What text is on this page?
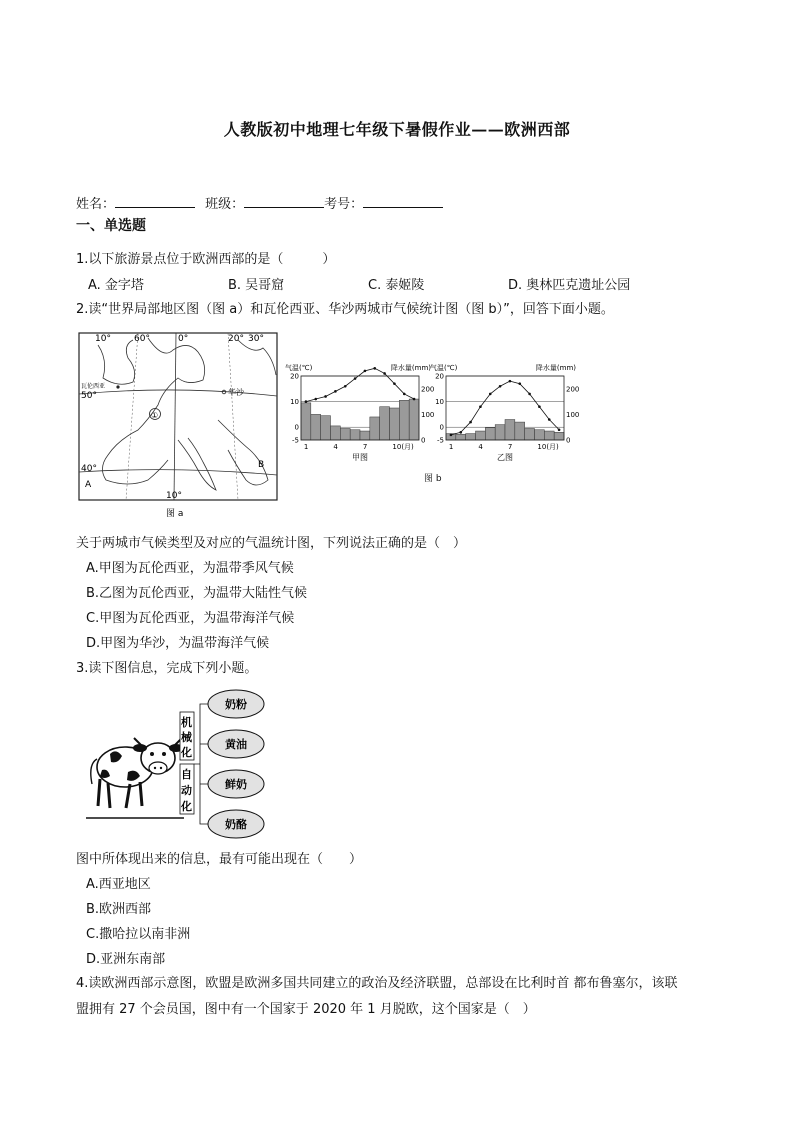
人教版初中地理七年级下暑假作业——欧洲西部
姓名：	班级：	考号：
一、单选题
1.以下旅游景点位于欧洲西部的是（　　　）
A. 金字塔	B. 吴哥窟	C. 泰姬陵	D. 奥林匹克遗址公园
2.读“世界局部地区图（图 a）和瓦伦西亚、华沙两城市气候统计图（图 b）”，回答下面小题。
10°	60°	0°	20° 30°
50°
40°
10°
瓦伦西亚
华沙
①
A
B
图 a
气温(℃)	降水量(mm)
20
10
0
-5
200
100
0
1	4	7	10(月)
甲图
气温(℃)	降水量(mm)
20
10
0
-5
200
100
0
1	4	7	10(月)
乙图
图 b
关于两城市气候类型及对应的气温统计图，下列说法正确的是（　）
A.甲图为瓦伦西亚，为温带季风气候
B.乙图为瓦伦西亚，为温带大陆性气候
C.甲图为瓦伦西亚，为温带海洋气候
D.甲图为华沙，为温带海洋气候
3.读下图信息，完成下列小题。
机
械
化
自
动
化
奶粉
黄油
鲜奶
奶酪
图中所体现出来的信息，最有可能出现在（　　）
A.西亚地区
B.欧洲西部
C.撒哈拉以南非洲
D.亚洲东南部
4.读欧洲西部示意图，欧盟是欧洲多国共同建立的政治及经济联盟，总部设在比利时首 都布鲁塞尔，该联
盟拥有 27 个会员国，图中有一个国家于 2020 年 1 月脱欧，这个国家是（　）
